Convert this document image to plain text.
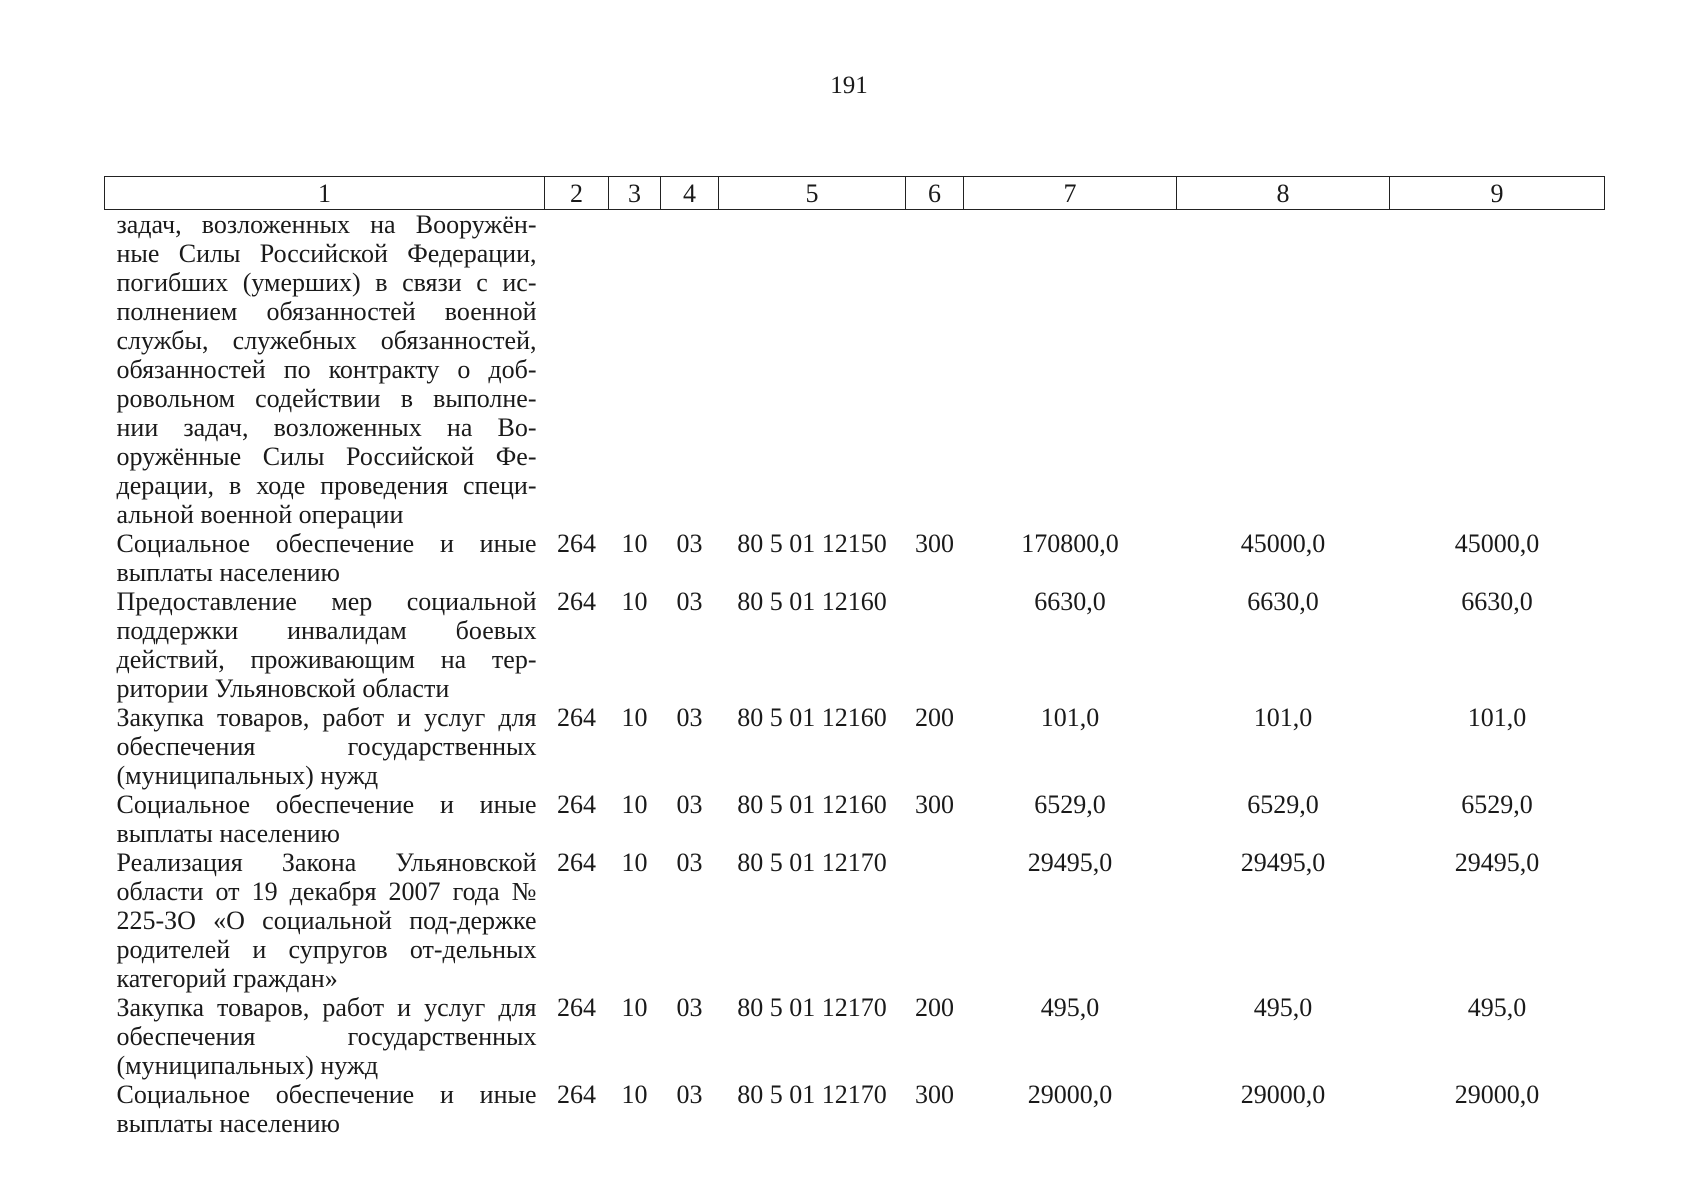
191
1	2	3	4	5	6	7	8	9
задач, возложенных на Вооружён-ные Силы Российской Федерации, погибших (умерших) в связи с ис-полнением обязанностей военной службы, служебных обязанностей, обязанностей по контракту о доб-ровольном содействии в выполне-нии задач, возложенных на Во-оружённые Силы Российской Фе-дерации, в ходе проведения специ-альной военной операции								
Социальное обеспечение и иные выплаты населению	264	10	03	80 5 01 12150	300	170800,0	45000,0	45000,0
Предоставление мер социальной поддержки инвалидам боевых действий, проживающим на тер-ритории Ульяновской области	264	10	03	80 5 01 12160		6630,0	6630,0	6630,0
Закупка товаров, работ и услуг для обеспечения государственных (муниципальных) нужд	264	10	03	80 5 01 12160	200	101,0	101,0	101,0
Социальное обеспечение и иные выплаты населению	264	10	03	80 5 01 12160	300	6529,0	6529,0	6529,0
Реализация Закона Ульяновской области от 19 декабря 2007 года № 225-ЗО «О социальной под-держке родителей и супругов от-дельных категорий граждан»	264	10	03	80 5 01 12170		29495,0	29495,0	29495,0
Закупка товаров, работ и услуг для обеспечения государственных (муниципальных) нужд	264	10	03	80 5 01 12170	200	495,0	495,0	495,0
Социальное обеспечение и иные выплаты населению	264	10	03	80 5 01 12170	300	29000,0	29000,0	29000,0
